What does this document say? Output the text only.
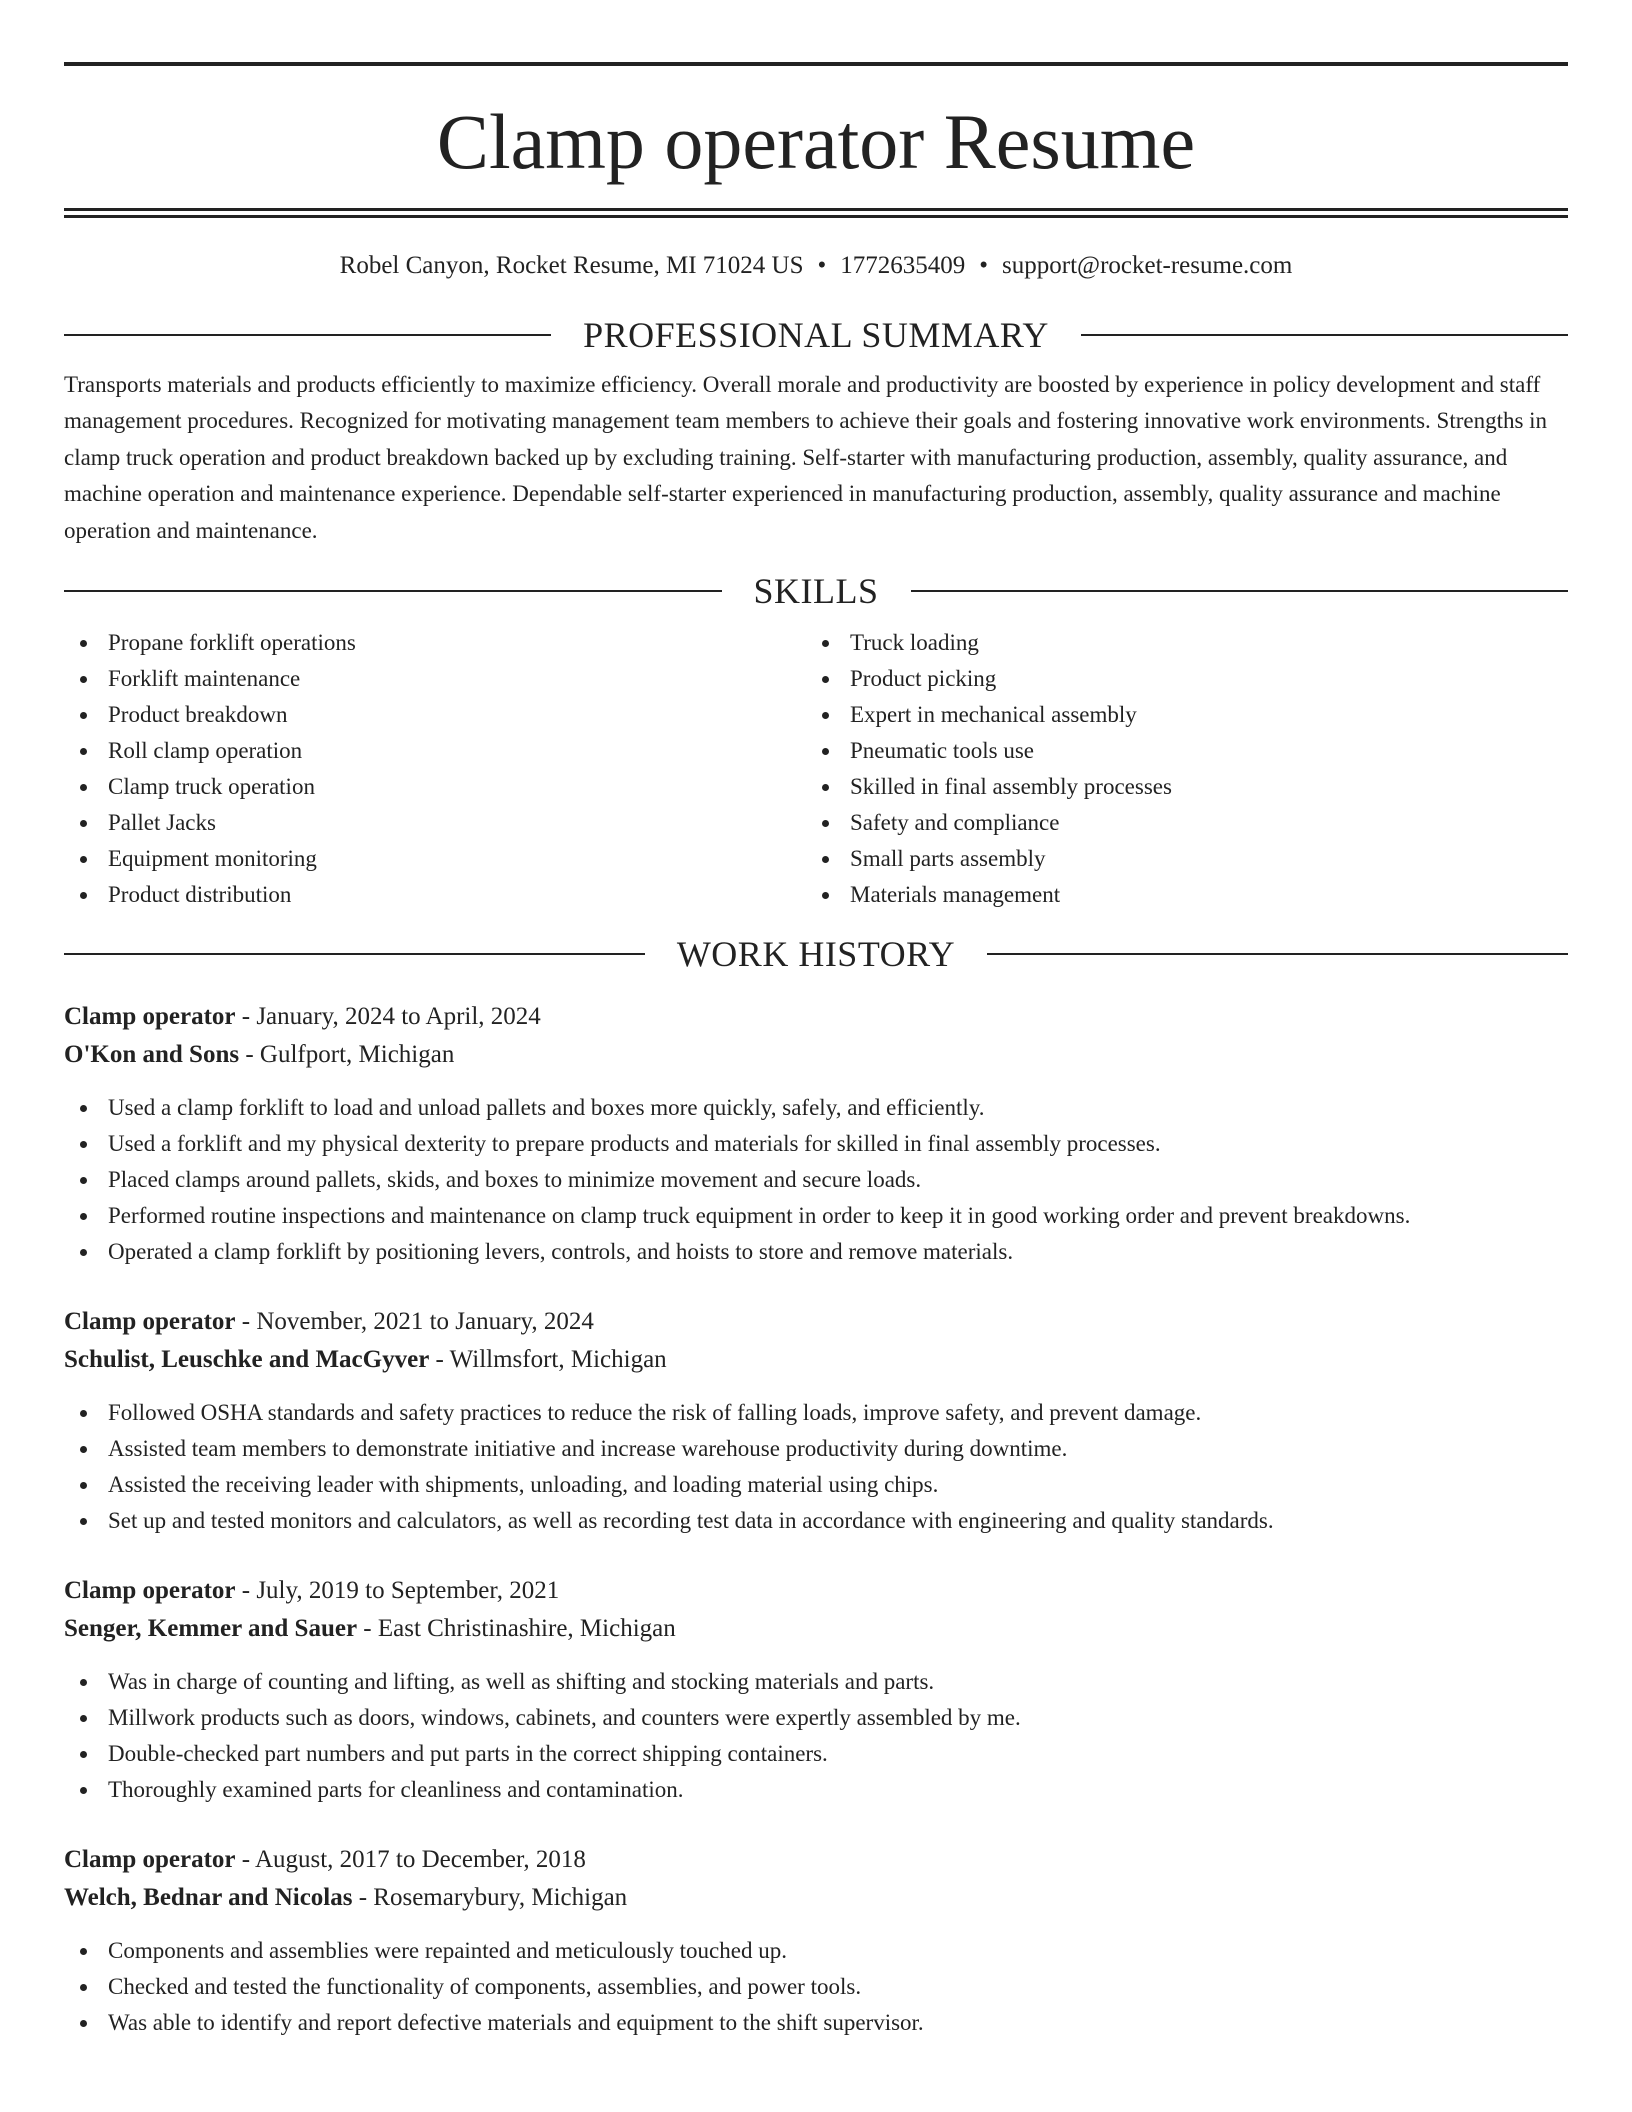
Clamp operator Resume
Robel Canyon, Rocket Resume, MI 71024 US • 1772635409 • support@rocket-resume.com
PROFESSIONAL SUMMARY

Transports materials and products efficiently to maximize efficiency. Overall morale and productivity are boosted by experience in policy development and staff management procedures. Recognized for motivating management team members to achieve their goals and fostering innovative work environments. Strengths in clamp truck operation and product breakdown backed up by excluding training. Self-starter with manufacturing production, assembly, quality assurance, and machine operation and maintenance experience. Dependable self-starter experienced in manufacturing production, assembly, quality assurance and machine operation and maintenance.

SKILLS
Propane forklift operations
Forklift maintenance
Product breakdown
Roll clamp operation
Clamp truck operation
Pallet Jacks
Equipment monitoring
Product distribution
Truck loading
Product picking
Expert in mechanical assembly
Pneumatic tools use
Skilled in final assembly processes
Safety and compliance
Small parts assembly
Materials management
WORK HISTORY
Clamp operator - January, 2024 to April, 2024
O'Kon and Sons - Gulfport, Michigan
Used a clamp forklift to load and unload pallets and boxes more quickly, safely, and efficiently.
Used a forklift and my physical dexterity to prepare products and materials for skilled in final assembly processes.
Placed clamps around pallets, skids, and boxes to minimize movement and secure loads.
Performed routine inspections and maintenance on clamp truck equipment in order to keep it in good working order and prevent breakdowns.
Operated a clamp forklift by positioning levers, controls, and hoists to store and remove materials.
Clamp operator - November, 2021 to January, 2024
Schulist, Leuschke and MacGyver - Willmsfort, Michigan
Followed OSHA standards and safety practices to reduce the risk of falling loads, improve safety, and prevent damage.
Assisted team members to demonstrate initiative and increase warehouse productivity during downtime.
Assisted the receiving leader with shipments, unloading, and loading material using chips.
Set up and tested monitors and calculators, as well as recording test data in accordance with engineering and quality standards.
Clamp operator - July, 2019 to September, 2021
Senger, Kemmer and Sauer - East Christinashire, Michigan
Was in charge of counting and lifting, as well as shifting and stocking materials and parts.
Millwork products such as doors, windows, cabinets, and counters were expertly assembled by me.
Double-checked part numbers and put parts in the correct shipping containers.
Thoroughly examined parts for cleanliness and contamination.
Clamp operator - August, 2017 to December, 2018
Welch, Bednar and Nicolas - Rosemarybury, Michigan
Components and assemblies were repainted and meticulously touched up.
Checked and tested the functionality of components, assemblies, and power tools.
Was able to identify and report defective materials and equipment to the shift supervisor.
